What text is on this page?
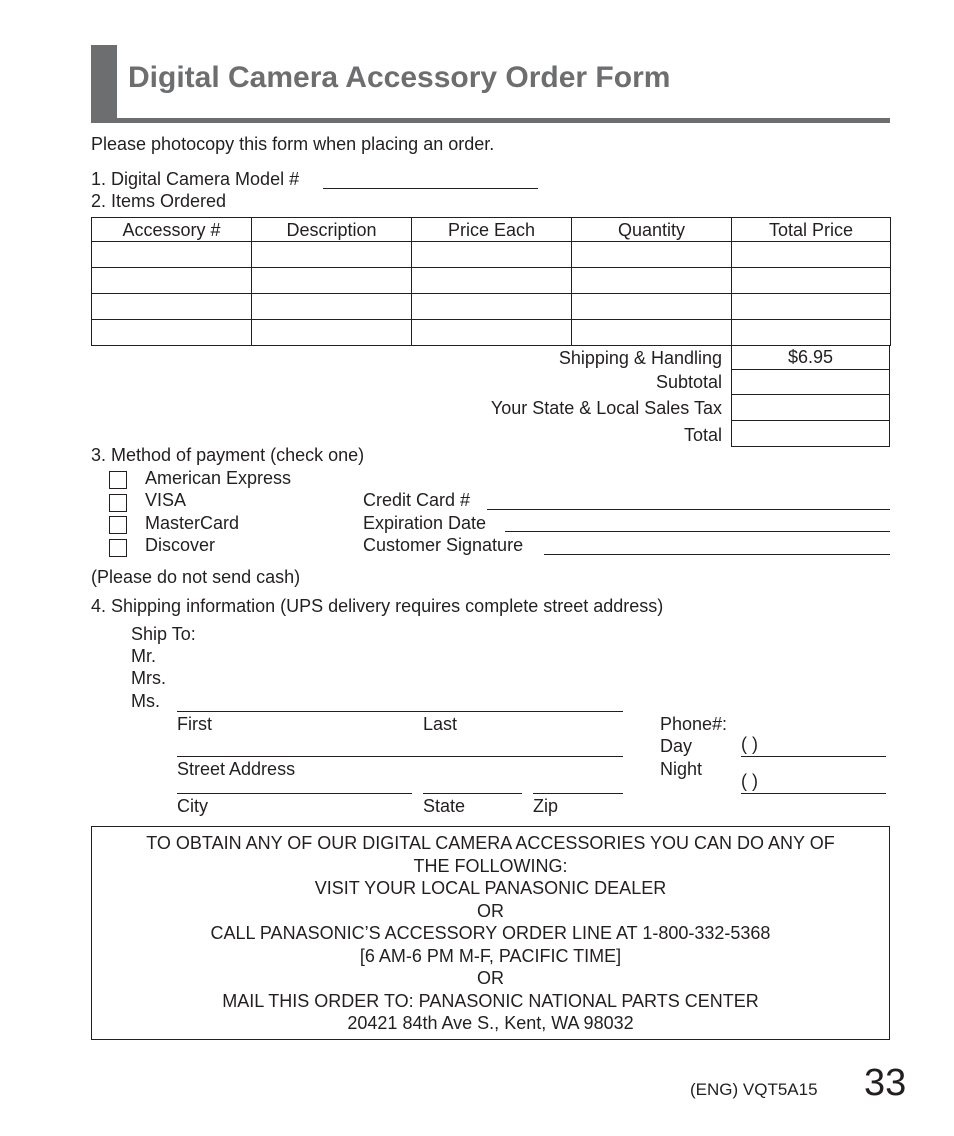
Digital Camera Accessory Order Form
Please photocopy this form when placing an order.
1. Digital Camera Model #
2. Items Ordered
Accessory #	Description	Price Each	Quantity	Total Price

Shipping & Handling	$6.95
Subtotal
Your State & Local Sales Tax
Total
3. Method of payment (check one)
American Express
VISA
MasterCard
Discover
Credit Card #
Expiration Date
Customer Signature
(Please do not send cash)
4. Shipping information (UPS delivery requires complete street address)
Ship To:
Mr.
Mrs.
Ms.
First	Last
Street Address
City	State	Zip
Phone#:
Day	( )
Night
( )
TO OBTAIN ANY OF OUR DIGITAL CAMERA ACCESSORIES YOU CAN DO ANY OF
THE FOLLOWING:
VISIT YOUR LOCAL PANASONIC DEALER
OR
CALL PANASONIC’S ACCESSORY ORDER LINE AT 1-800-332-5368
[6 AM-6 PM M-F, PACIFIC TIME]
OR
MAIL THIS ORDER TO: PANASONIC NATIONAL PARTS CENTER
20421 84th Ave S., Kent, WA 98032
(ENG) VQT5A15 33
